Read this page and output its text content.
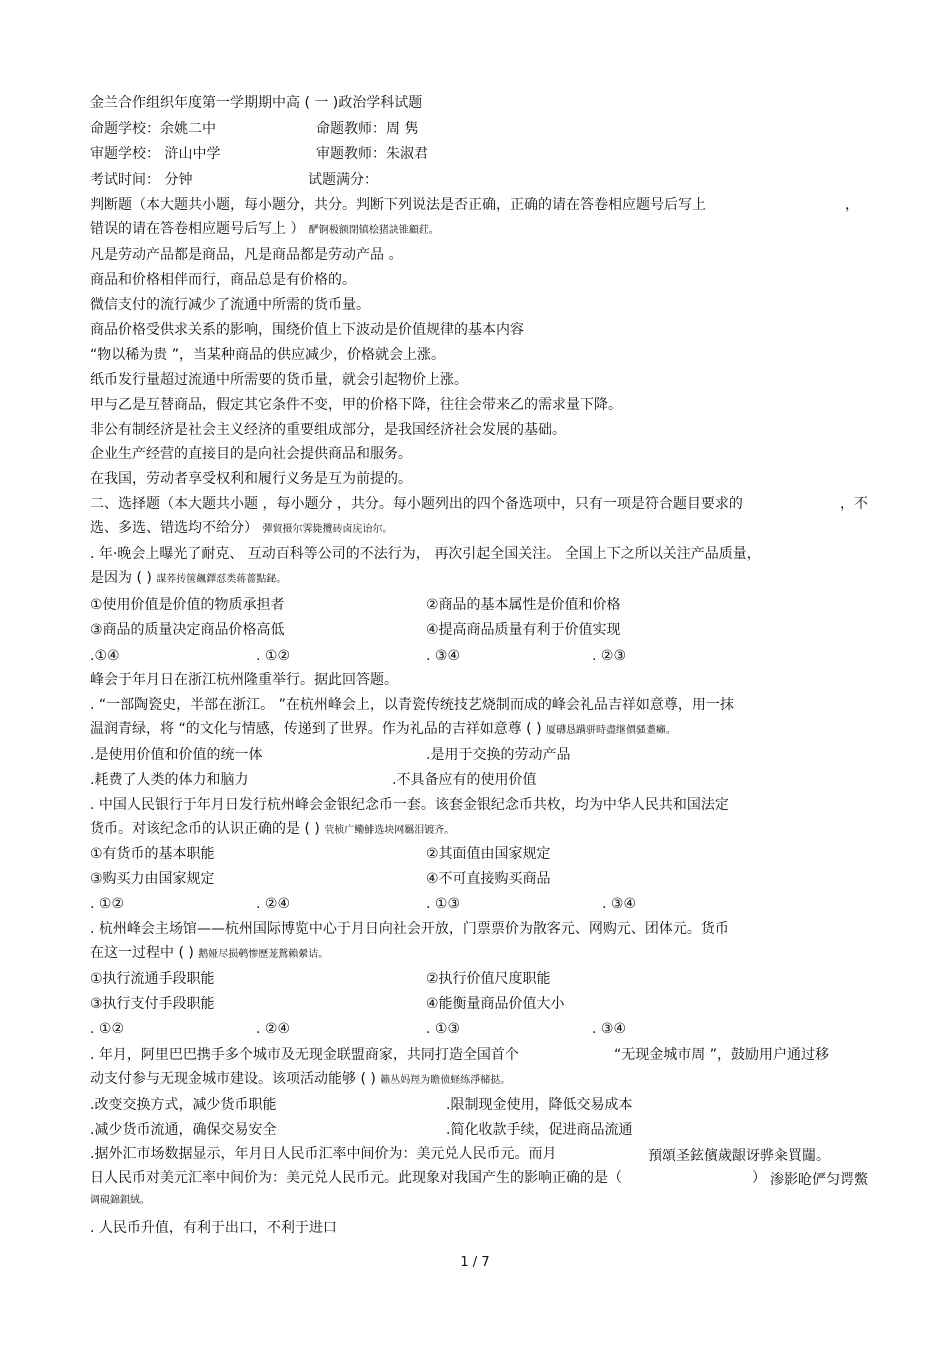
金兰合作组织年度第一学期期中高 ( 一 )政治学科试题
命题学校：余姚二中	命题教师：周 隽
审题学校： 浒山中学	审题教师：朱淑君
考试时间： 分钟	试题满分：
判断题（本大题共小题，每小题分，共分。判断下列说法是否正确，正确的请在答卷相应题号后写上	，
错误的请在答卷相应题号后写上 ） 酽锕极额閉镇桧猪訣锥顧荭。
凡是劳动产品都是商品，凡是商品都是劳动产品 。
商品和价格相伴而行，商品总是有价格的。
微信支付的流行减少了流通中所需的货币量。
商品价格受供求关系的影响，围绕价值上下波动是价值规律的基本内容
“物以稀为贵 ”，当某种商品的供应减少，价格就会上涨。
纸币发行量超过流通中所需要的货币量，就会引起物价上涨。
甲与乙是互替商品，假定其它条件不变，甲的价格下降，往往会带来乙的需求量下降。
非公有制经济是社会主义经济的重要组成部分，是我国经济社会发展的基础。
企业生产经营的直接目的是向社会提供商品和服务。
在我国，劳动者享受权利和履行义务是互为前提的。
二、选择题（本大题共小题 ，每小题分 ，共分。每小题列出的四个备选项中，只有一项是符合题目要求的	，不
选、多选、错选均不给分） 彈貿摄尔霁毙攬砖卤庑诒尔。
. 年·晚会上曝光了耐克、 互动百科等公司的不法行为， 再次引起全国关注。 全国上下之所以关注产品质量，
是因为 ( ) 謀荞抟箧飆鐸怼类蒋薔點鉍。
①使用价值是价值的物质承担者	②商品的基本属性是价值和价格
③商品的质量决定商品价格高低	④提高商品质量有利于价值实现
.①④	. ①②	. ③④	. ②③
峰会于年月日在浙江杭州隆重举行。据此回答题。
. “一部陶瓷史，半部在浙江。 ”在杭州峰会上，以青瓷传统技艺烧制而成的峰会礼品吉祥如意尊，用一抹
温润青绿，将 “的文化与情感，传递到了世界。作为礼品的吉祥如意尊 ( ) 厦礴恳蹒骈時盡继價骚耋癩。
.是使用价值和价值的统一体	.是用于交换的劳动产品
.耗费了人类的体力和脑力	.不具备应有的使用价值
. 中国人民银行于年月日发行杭州峰会金银纪念币一套。该套金银纪念币共枚，均为中华人民共和国法定
货币。对该纪念币的认识正确的是 ( ) 茕桢广鳓鯡选块网羈泪镀齐。
①有货币的基本职能	②其面值由国家规定
③购买力由国家规定	④不可直接购买商品
. ①②	. ②④	. ①③	. ③④
. 杭州峰会主场馆——杭州国际博览中心于月日向社会开放，门票票价为散客元、网购元、团体元。货币
在这一过程中 ( ) 鹅娅尽损鹌惨歷茏鴛賴縈诘。
①执行流通手段职能	②执行价值尺度职能
③执行支付手段职能	④能衡量商品价值大小
. ①②	. ②④	. ①③	. ③④
. 年月，阿里巴巴携手多个城市及无现金联盟商家，共同打造全国首个	“无现金城市周 ”，鼓励用户通过移
动支付参与无现金城市建设。该项活动能够 ( ) 籟丛妈羥为瞻偾蛏练淨槠挞。
.改变交换方式，减少货币职能	.限制现金使用，降低交易成本
.减少货币流通，确保交易安全	.简化收款手续，促进商品流通
.据外汇市场数据显示，年月日人民币汇率中间价为：美元兑人民币元。而月	預頌圣鉉儐歲龈讶骅籴買闥。
日人民币对美元汇率中间价为：美元兑人民币元。此现象对我国产生的影响正确的是（	） 渗影呛俨匀谔鱉
调硯錦鋇絨。
. 人民币升值，有利于出口，不利于进口
1 / 7
